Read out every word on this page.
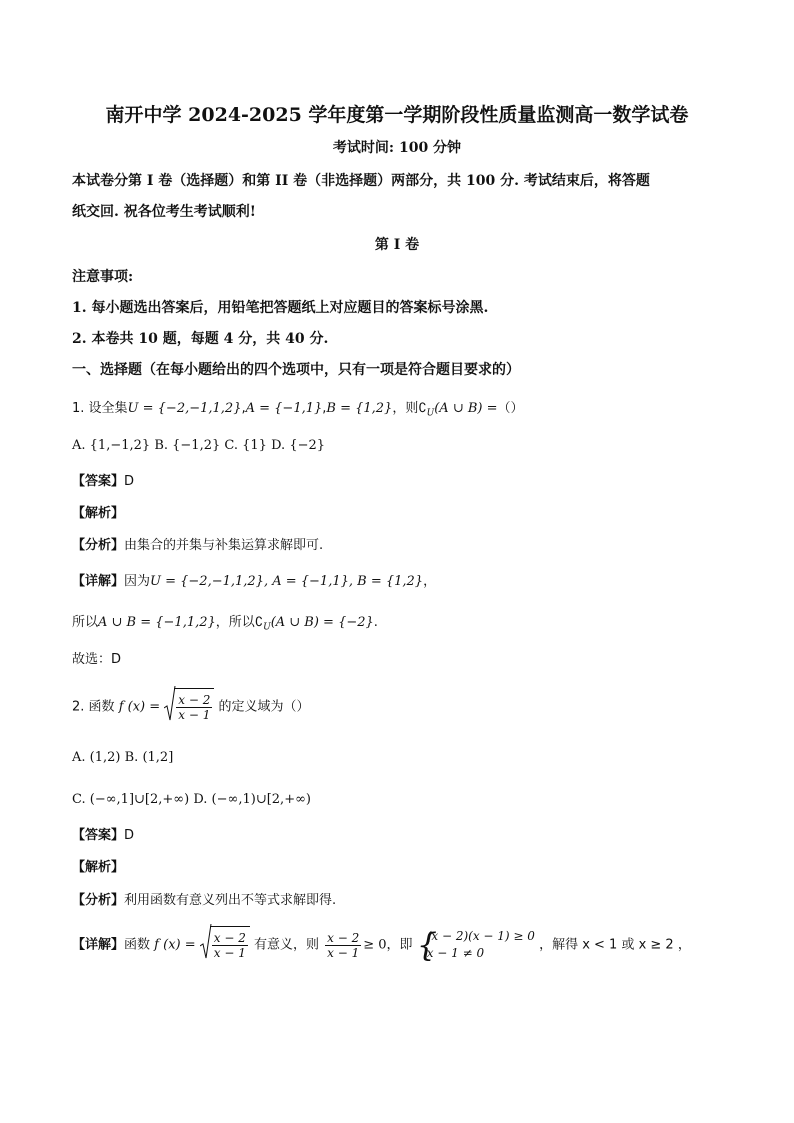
南开中学 2024-2025 学年度第一学期阶段性质量监测高一数学试卷
考试时间: 100 分钟
本试卷分第 I 卷（选择题）和第 II 卷（非选择题）两部分，共 100 分. 考试结束后，将答题
纸交回. 祝各位考生考试顺利!
第 I 卷
注意事项:
1. 每小题选出答案后，用铅笔把答题纸上对应题目的答案标号涂黑.
2. 本卷共 10 题，每题 4 分，共 40 分.
一、选择题（在每小题给出的四个选项中，只有一项是符合题目要求的）
1. 设全集U = {−2,−1,1,2},A = {−1,1},B = {1,2}，则$∁_U(A$ ∪ B) =（）
A. {1,−1,2} B. {−1,2} C. {1} D. {−2}
【答案】D
【解析】
【分析】由集合的并集与补集运算求解即可.
【详解】因为U = {−2,−1,1,2}, A = {−1,1}, B = {1,2}，
所以A ∪ B = {−1,1,2}，所以$∁_U(A$ ∪ B) = {−2}.
故选：D
2. 函数 f $(x) = \frac{x - 2}{x - 1}$ 的定义域为（）
A. (1,2) B. (1,2]
C. (−∞,1]∪[2,+∞) D. (−∞,1)∪[2,+∞)
【答案】D
【解析】
【分析】利用函数有意义列出不等式求解即得.
【详解】函数 f $(x) = \frac{x - 2}{x - 1}$ 有意义，则 $\frac{x - 2}{x - 1} \ge 0$，即 {
(x − 2)(x − 1) ≥ 0
x − 1 ≠ 0
，解得 x < 1 或 x ≥ 2 ，
